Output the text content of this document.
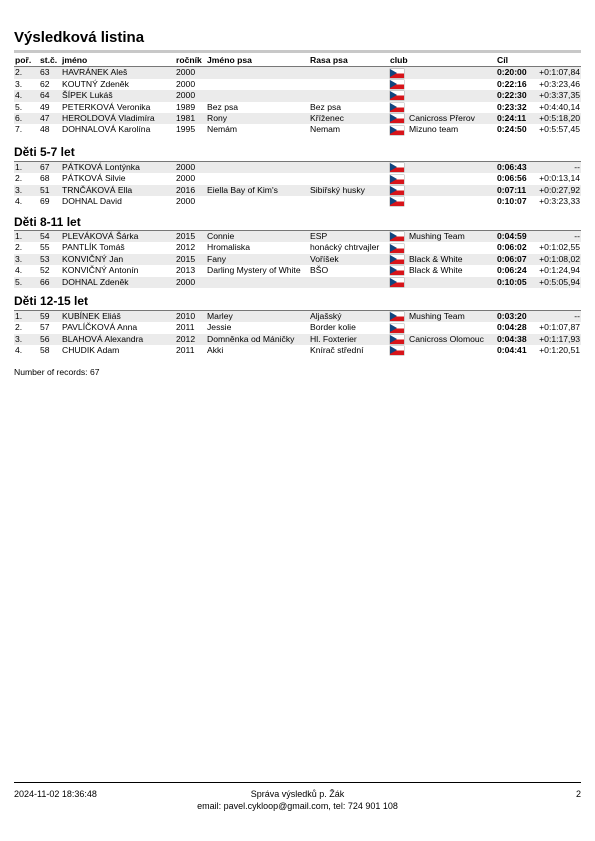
Výsledková listina
poř.	st.č.	jméno	ročník	Jméno psa	Rasa psa	club	Cíl	
2.	63	HAVRÁNEK Aleš	2000				0:20:00	+0:1:07,84
3.	62	KOUTNÝ Zdeněk	2000				0:22:16	+0:3:23,46
4.	64	ŠÍPEK Lukáš	2000				0:22:30	+0:3:37,35
5.	49	PETERKOVÁ Veronika	1989	Bez psa	Bez psa		0:23:32	+0:4:40,14
6.	47	HEROLDOVÁ Vladimíra	1981	Rony	Kříženec	Canicross Přerov	0:24:11	+0:5:18,20
7.	48	DOHNALOVÁ Karolína	1995	Nemám	Nemam	Mizuno team	0:24:50	+0:5:57,45
Děti 5-7 let

1.	67	PÁTKOVÁ Lontýnka	2000				0:06:43	--
2.	68	PÁTKOVÁ Silvie	2000				0:06:56	+0:0:13,14
3.	51	TRNČÁKOVÁ Ella	2016	Eiella Bay of Kim's	Sibiřský husky		0:07:11	+0:0:27,92
4.	69	DOHNAL David	2000				0:10:07	+0:3:23,33
Děti 8-11 let

1.	54	PLEVÁKOVÁ Šárka	2015	Connie	ESP	Mushing Team	0:04:59	--
2.	55	PANTLÍK Tomáš	2012	Hromaliska	honácký chtrvajler		0:06:02	+0:1:02,55
3.	53	KONVIČNÝ Jan	2015	Fany	Voříšek	Black & White	0:06:07	+0:1:08,02
4.	52	KONVIČNÝ Antonín	2013	Darling Mystery of White	BŠO	Black & White	0:06:24	+0:1:24,94
5.	66	DOHNAL Zdeněk	2000				0:10:05	+0:5:05,94
Děti 12-15 let

1.	59	KUBÍNEK Eliáš	2010	Marley	Aljašský	Mushing Team	0:03:20	--
2.	57	PAVLÍČKOVÁ Anna	2011	Jessie	Border kolie		0:04:28	+0:1:07,87
3.	56	BLAHOVÁ Alexandra	2012	Domněnka od Máničky	Hl. Foxterier	Canicross Olomouc	0:04:38	+0:1:17,93
4.	58	CHUDIK Adam	2011	Akki	Knírač střední		0:04:41	+0:1:20,51
Number of records: 67
2024-11-02 18:36:48	Správa výsledků p. Žák
email: pavel.cykloop@gmail.com, tel: 724 901 108
2
